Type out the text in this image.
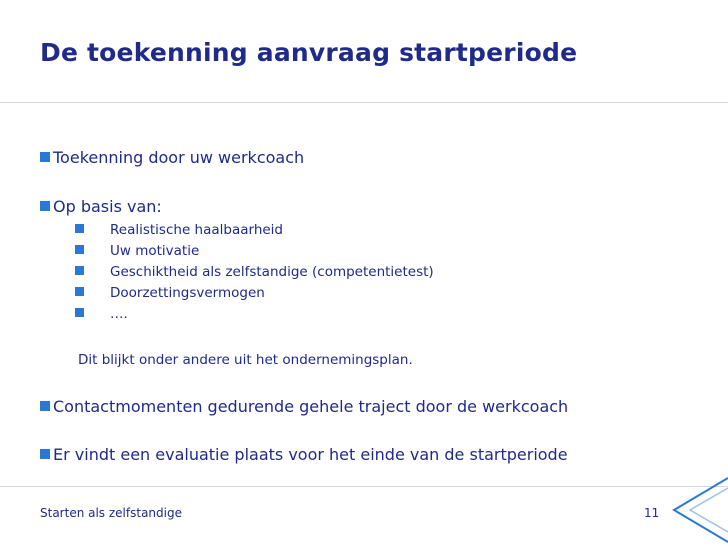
De toekenning aanvraag startperiode
Toekenning door uw werkcoach
Op basis van:
Realistische haalbaarheid
Uw motivatie
Geschiktheid als zelfstandige (competentietest)
Doorzettingsvermogen
….
Dit blijkt onder andere uit het ondernemingsplan.
Contactmomenten gedurende gehele traject door de werkcoach
Er vindt een evaluatie plaats voor het einde van de startperiode
Starten als zelfstandige	11
